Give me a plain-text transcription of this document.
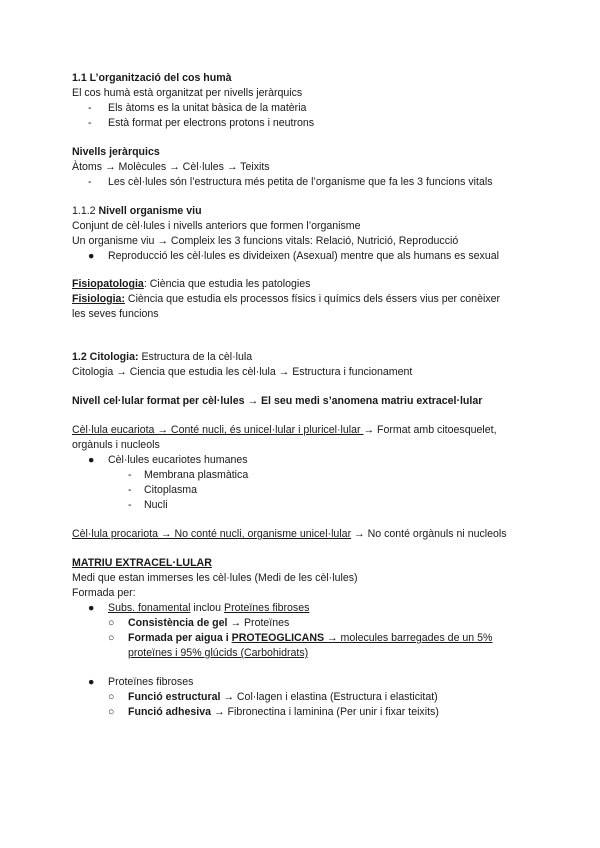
1.1 L’organització del cos humà
El cos humà està organitzat per nivells jeràrquics
- Els àtoms es la unitat bàsica de la matèria
- Està format per electrons protons i neutrons
Nivells jeràrquics
Àtoms → Molècules → Cèl·lules → Teixits
- Les cèl·lules són l’estructura més petita de l’organisme que fa les 3 funcions vitals
1.1.2 Nivell organisme viu
Conjunt de cèl·lules i nivells anteriors que formen l’organisme
Un organisme viu → Compleix les 3 funcions vitals: Relació, Nutrició, Reproducció
● Reproducció les cèl·lules es divideixen (Asexual) mentre que als humans es sexual
Fisiopatologia: Ciència que estudia les patologies
Fisiologia: Ciència que estudia els processos físics i químics dels éssers vius per conèixer
les seves funcions
1.2 Citologia: Estructura de la cèl·lula
Citologia → Ciencia que estudia les cèl·lula → Estructura i funcionament
Nivell cel·lular format per cèl·lules → El seu medi s’anomena matriu extracel·lular
Cèl·lula eucariota → Conté nucli, és unicel·lular i pluricel·lular → Format amb citoesquelet,
orgànuls i nucleols
● Cèl·lules eucariotes humanes
- Membrana plasmàtica
- Citoplasma
- Nucli
Cèl·lula procariota → No conté nucli, organisme unicel·lular → No conté orgànuls ni nucleols
MATRIU EXTRACEL·LULAR
Medi que estan immerses les cèl·lules (Medi de les cèl·lules)
Formada per:
● Subs. fonamental inclou Proteïnes fibroses
○ Consistència de gel → Proteïnes
○ Formada per aigua i PROTEOGLICANS → molecules barregades de un 5%
proteïnes i 95% glúcids (Carbohidrats)
● Proteïnes fibroses
○ Funció estructural → Col·lagen i elastina (Estructura i elasticitat)
○ Funció adhesiva → Fibronectina i laminina (Per unir i fixar teixits)
